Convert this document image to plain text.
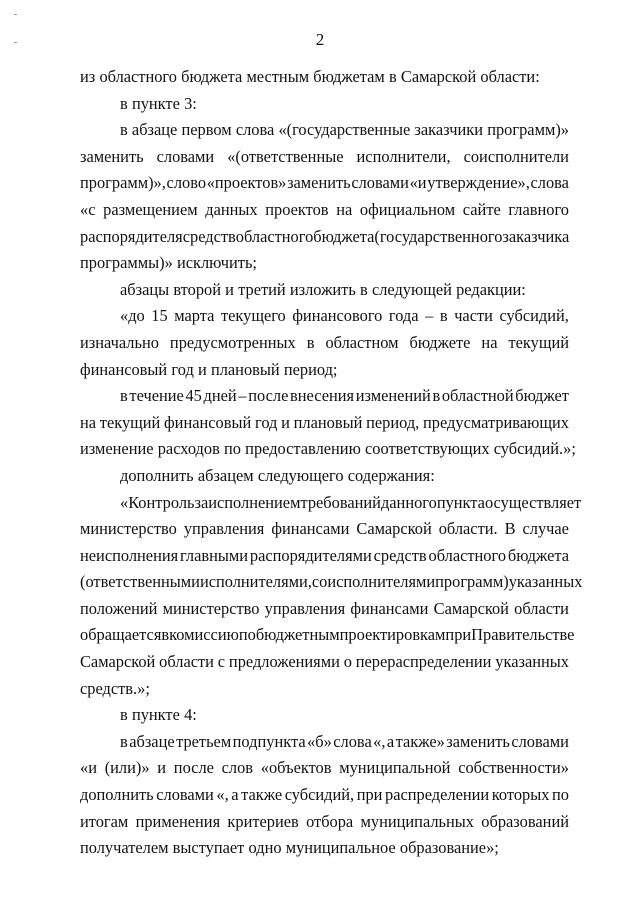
2
из областного бюджета местным бюджетам в Самарской области:
в пункте 3:
в абзаце первом слова «(государственные заказчики программ)»
заменить словами «(ответственные исполнители, соисполнители
программ)», слово «проектов» заменить словами «и утверждение», слова
«с размещением данных проектов на официальном сайте главного
распорядителя средств областного бюджета (государственного заказчика
программы)» исключить;
абзацы второй и третий изложить в следующей редакции:
«до 15 марта текущего финансового года – в части субсидий,
изначально предусмотренных в областном бюджете на текущий
финансовый год и плановый период;
в течение 45 дней – после внесения изменений в областной бюджет
на текущий финансовый год и плановый период, предусматривающих
изменение расходов по предоставлению соответствующих субсидий.»;
дополнить абзацем следующего содержания:
«Контроль за исполнением требований данного пункта осуществляет
министерство управления финансами Самарской области. В случае
неисполнения главными распорядителями средств областного бюджета
(ответственными исполнителями, соисполнителями программ) указанных
положений министерство управления финансами Самарской области
обращается в комиссию по бюджетным проектировкам при Правительстве
Самарской области с предложениями о перераспределении указанных
средств.»;
в пункте 4:
в абзаце третьем подпункта «б» слова «, а также» заменить словами
«и (или)» и после слов «объектов муниципальной собственности»
дополнить словами «, а также субсидий, при распределении которых по
итогам применения критериев отбора муниципальных образований
получателем выступает одно муниципальное образование»;
